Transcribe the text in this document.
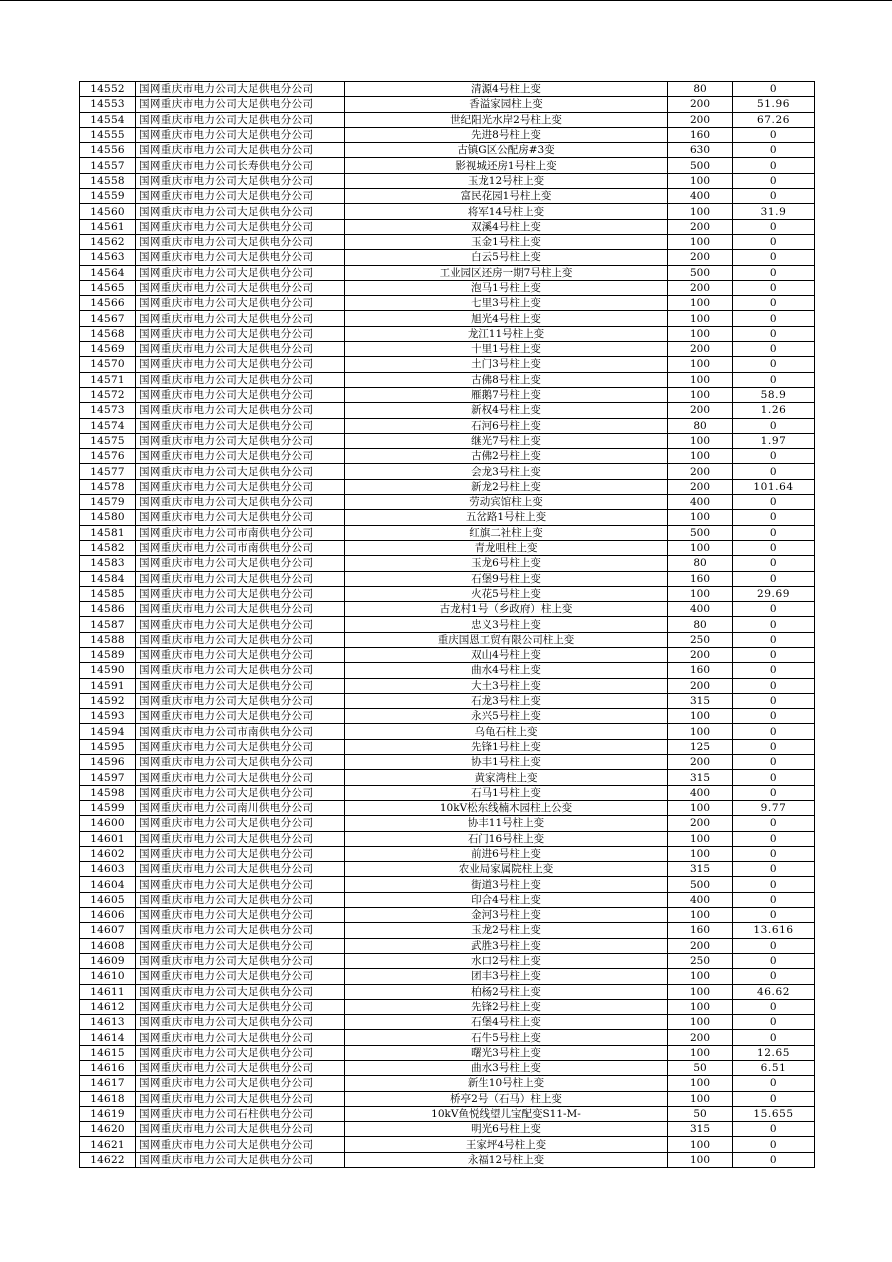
14552	国网重庆市电力公司大足供电分公司	清源4号柱上变	80	0
14553	国网重庆市电力公司大足供电分公司	香溢家园柱上变	200	51.96
14554	国网重庆市电力公司大足供电分公司	世纪阳光水岸2号柱上变	200	67.26
14555	国网重庆市电力公司大足供电分公司	先进8号柱上变	160	0
14556	国网重庆市电力公司大足供电分公司	古镇G区公配房#3变	630	0
14557	国网重庆市电力公司长寿供电分公司	影视城还房1号柱上变	500	0
14558	国网重庆市电力公司大足供电分公司	玉龙12号柱上变	100	0
14559	国网重庆市电力公司大足供电分公司	富民花园1号柱上变	400	0
14560	国网重庆市电力公司大足供电分公司	将军14号柱上变	100	31.9
14561	国网重庆市电力公司大足供电分公司	双溪4号柱上变	200	0
14562	国网重庆市电力公司大足供电分公司	玉金1号柱上变	100	0
14563	国网重庆市电力公司大足供电分公司	白云5号柱上变	200	0
14564	国网重庆市电力公司大足供电分公司	工业园区还房一期7号柱上变	500	0
14565	国网重庆市电力公司大足供电分公司	泡马1号柱上变	200	0
14566	国网重庆市电力公司大足供电分公司	七里3号柱上变	100	0
14567	国网重庆市电力公司大足供电分公司	旭光4号柱上变	100	0
14568	国网重庆市电力公司大足供电分公司	龙江11号柱上变	100	0
14569	国网重庆市电力公司大足供电分公司	十里1号柱上变	200	0
14570	国网重庆市电力公司大足供电分公司	土门3号柱上变	100	0
14571	国网重庆市电力公司大足供电分公司	古佛8号柱上变	100	0
14572	国网重庆市电力公司大足供电分公司	雁鹅7号柱上变	100	58.9
14573	国网重庆市电力公司大足供电分公司	新权4号柱上变	200	1.26
14574	国网重庆市电力公司大足供电分公司	石河6号柱上变	80	0
14575	国网重庆市电力公司大足供电分公司	继光7号柱上变	100	1.97
14576	国网重庆市电力公司大足供电分公司	古佛2号柱上变	100	0
14577	国网重庆市电力公司大足供电分公司	会龙3号柱上变	200	0
14578	国网重庆市电力公司大足供电分公司	新龙2号柱上变	200	101.64
14579	国网重庆市电力公司大足供电分公司	劳动宾馆柱上变	400	0
14580	国网重庆市电力公司大足供电分公司	五岔路1号柱上变	100	0
14581	国网重庆市电力公司市南供电分公司	红旗二社柱上变	500	0
14582	国网重庆市电力公司市南供电分公司	青龙咀柱上变	100	0
14583	国网重庆市电力公司大足供电分公司	玉龙6号柱上变	80	0
14584	国网重庆市电力公司大足供电分公司	石堡9号柱上变	160	0
14585	国网重庆市电力公司大足供电分公司	火花5号柱上变	100	29.69
14586	国网重庆市电力公司大足供电分公司	古龙村1号（乡政府）柱上变	400	0
14587	国网重庆市电力公司大足供电分公司	忠义3号柱上变	80	0
14588	国网重庆市电力公司大足供电分公司	重庆国恩工贸有限公司柱上变	250	0
14589	国网重庆市电力公司大足供电分公司	双山4号柱上变	200	0
14590	国网重庆市电力公司大足供电分公司	曲水4号柱上变	160	0
14591	国网重庆市电力公司大足供电分公司	大土3号柱上变	200	0
14592	国网重庆市电力公司大足供电分公司	石龙3号柱上变	315	0
14593	国网重庆市电力公司大足供电分公司	永兴5号柱上变	100	0
14594	国网重庆市电力公司市南供电分公司	乌龟石柱上变	100	0
14595	国网重庆市电力公司大足供电分公司	先锋1号柱上变	125	0
14596	国网重庆市电力公司大足供电分公司	协丰1号柱上变	200	0
14597	国网重庆市电力公司大足供电分公司	黄家湾柱上变	315	0
14598	国网重庆市电力公司大足供电分公司	石马1号柱上变	400	0
14599	国网重庆市电力公司南川供电分公司	10kV松东线楠木园柱上公变	100	9.77
14600	国网重庆市电力公司大足供电分公司	协丰11号柱上变	200	0
14601	国网重庆市电力公司大足供电分公司	石门16号柱上变	100	0
14602	国网重庆市电力公司大足供电分公司	前进6号柱上变	100	0
14603	国网重庆市电力公司大足供电分公司	农业局家属院柱上变	315	0
14604	国网重庆市电力公司大足供电分公司	街道3号柱上变	500	0
14605	国网重庆市电力公司大足供电分公司	印合4号柱上变	400	0
14606	国网重庆市电力公司大足供电分公司	金河3号柱上变	100	0
14607	国网重庆市电力公司大足供电分公司	玉龙2号柱上变	160	13.616
14608	国网重庆市电力公司大足供电分公司	武胜3号柱上变	200	0
14609	国网重庆市电力公司大足供电分公司	水口2号柱上变	250	0
14610	国网重庆市电力公司大足供电分公司	团丰3号柱上变	100	0
14611	国网重庆市电力公司大足供电分公司	柏杨2号柱上变	100	46.62
14612	国网重庆市电力公司大足供电分公司	先锋2号柱上变	100	0
14613	国网重庆市电力公司大足供电分公司	石堡4号柱上变	100	0
14614	国网重庆市电力公司大足供电分公司	石牛5号柱上变	200	0
14615	国网重庆市电力公司大足供电分公司	曙光3号柱上变	100	12.65
14616	国网重庆市电力公司大足供电分公司	曲水3号柱上变	50	6.51
14617	国网重庆市电力公司大足供电分公司	新生10号柱上变	100	0
14618	国网重庆市电力公司大足供电分公司	桥亭2号（石马）柱上变	100	0
14619	国网重庆市电力公司石柱供电分公司	10kV鱼悦线望儿宝配变S11-M-	50	15.655
14620	国网重庆市电力公司大足供电分公司	明光6号柱上变	315	0
14621	国网重庆市电力公司大足供电分公司	王家坪4号柱上变	100	0
14622	国网重庆市电力公司大足供电分公司	永福12号柱上变	100	0
